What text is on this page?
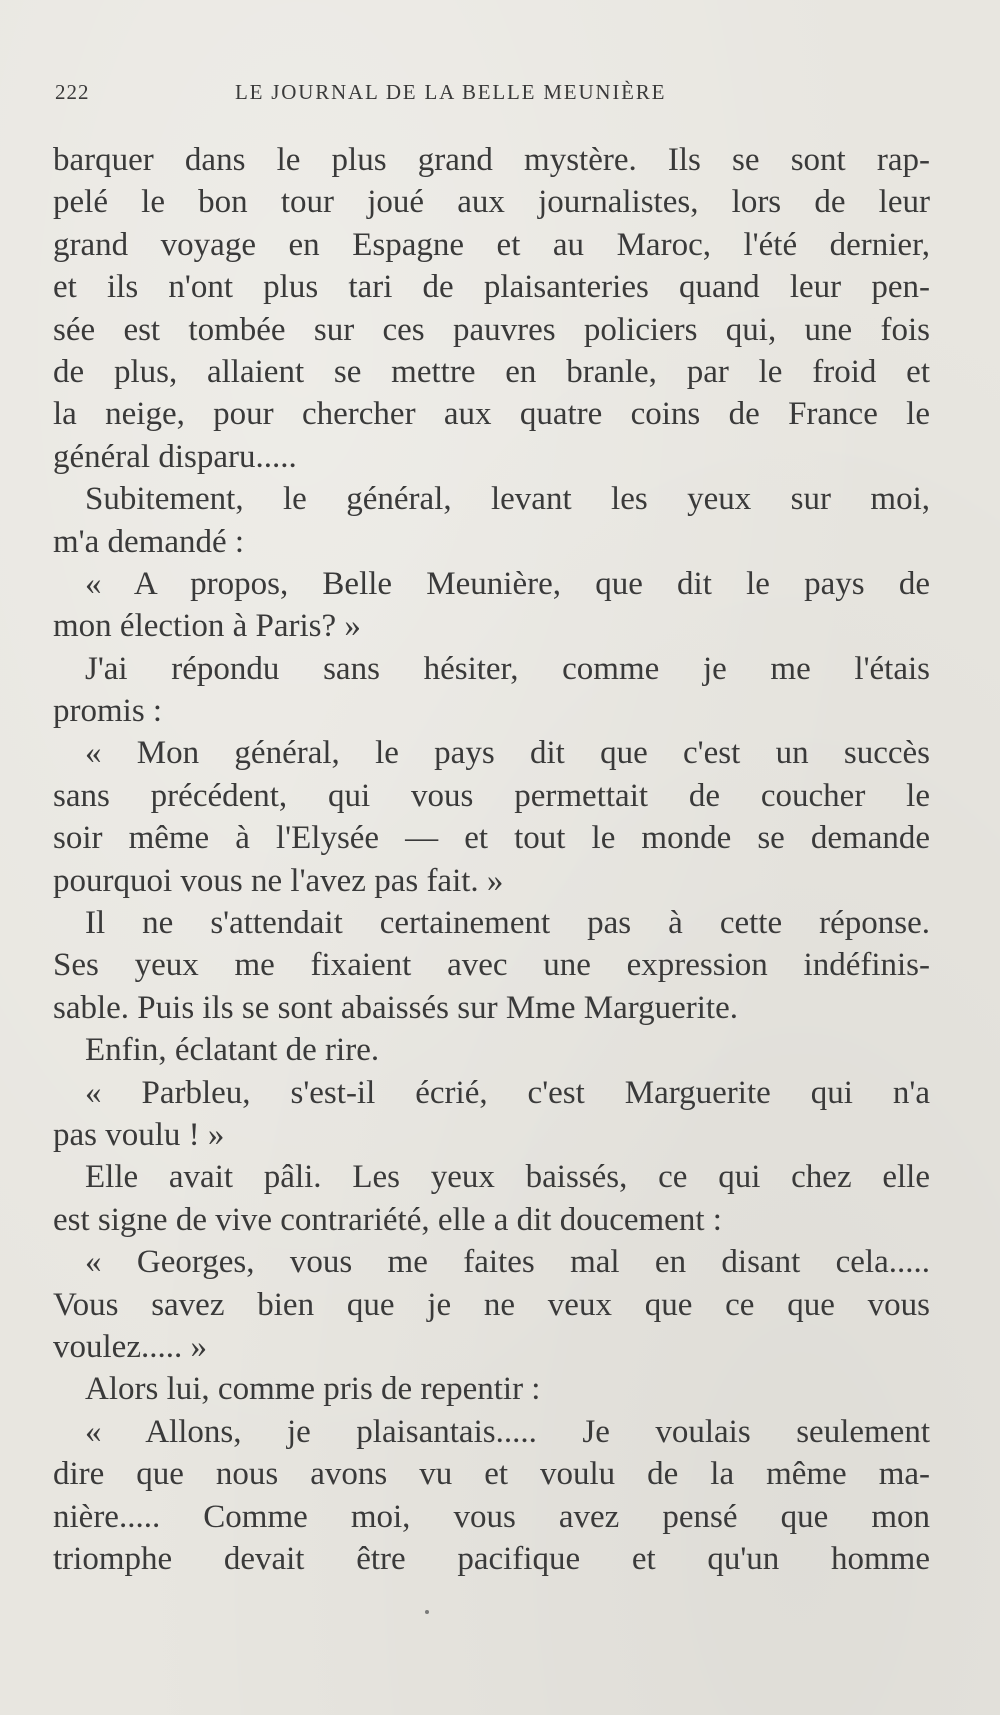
222	LE JOURNAL DE LA BELLE MEUNIÈRE
barquer dans le plus grand mystère. Ils se sont rap-
pelé le bon tour joué aux journalistes, lors de leur
grand voyage en Espagne et au Maroc, l'été dernier,
et ils n'ont plus tari de plaisanteries quand leur pen-
sée est tombée sur ces pauvres policiers qui, une fois
de plus, allaient se mettre en branle, par le froid et
la neige, pour chercher aux quatre coins de France le
général disparu.....
Subitement, le général, levant les yeux sur moi,
m'a demandé :
« A propos, Belle Meunière, que dit le pays de
mon élection à Paris? »
J'ai répondu sans hésiter, comme je me l'étais
promis :
« Mon général, le pays dit que c'est un succès
sans précédent, qui vous permettait de coucher le
soir même à l'Elysée — et tout le monde se demande
pourquoi vous ne l'avez pas fait. »
Il ne s'attendait certainement pas à cette réponse.
Ses yeux me fixaient avec une expression indéfinis-
sable. Puis ils se sont abaissés sur Mme Marguerite.
Enfin, éclatant de rire.
« Parbleu, s'est-il écrié, c'est Marguerite qui n'a
pas voulu ! »
Elle avait pâli. Les yeux baissés, ce qui chez elle
est signe de vive contrariété, elle a dit doucement :
« Georges, vous me faites mal en disant cela.....
Vous savez bien que je ne veux que ce que vous
voulez..... »
Alors lui, comme pris de repentir :
« Allons, je plaisantais..... Je voulais seulement
dire que nous avons vu et voulu de la même ma-
nière..... Comme moi, vous avez pensé que mon
triomphe devait être pacifique et qu'un homme
